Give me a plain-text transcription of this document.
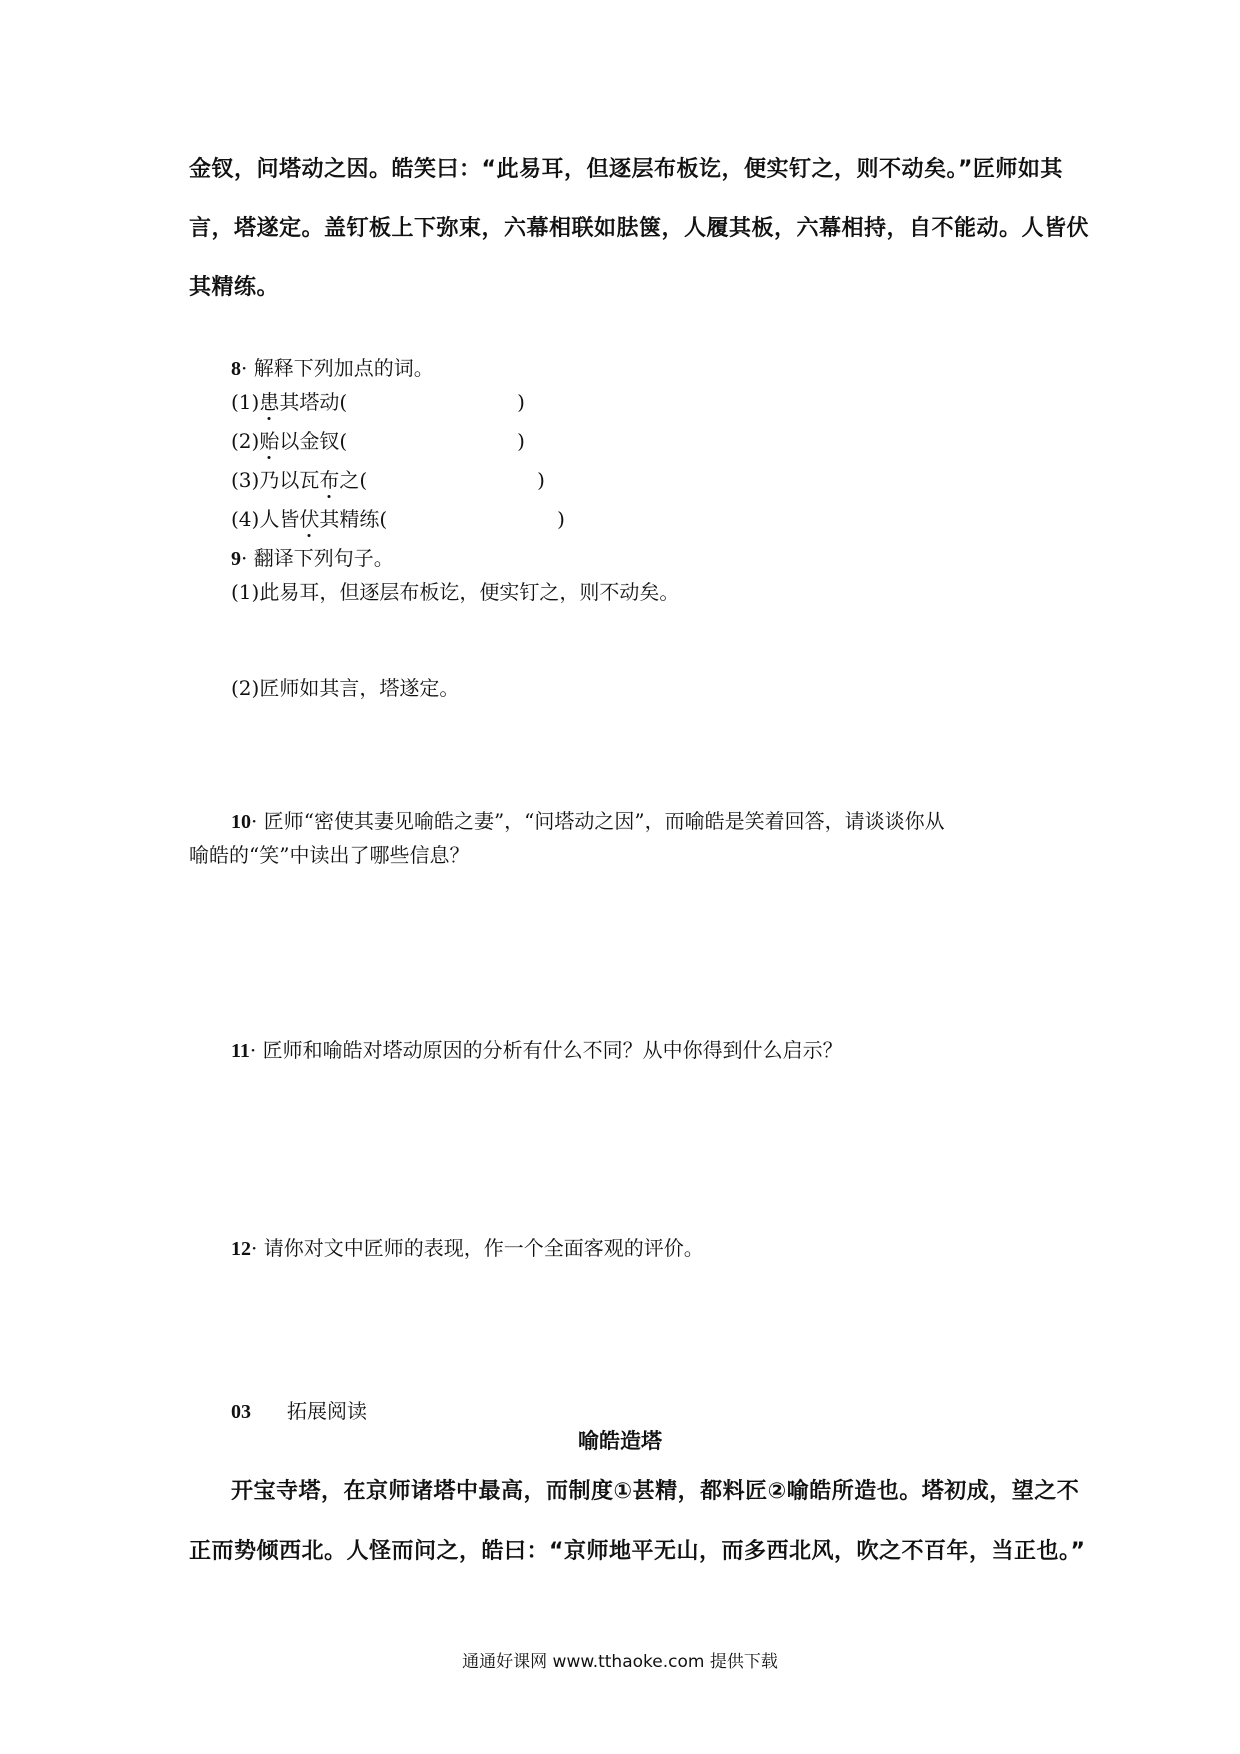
金钗，问塔动之因。皓笑曰：“此易耳，但逐层布板讫，便实钉之，则不动矣。”匠师如其
言，塔遂定。盖钉板上下弥束，六幕相联如胠箧，人履其板，六幕相持，自不能动。人皆伏
其精练。
8· 解释下列加点的词。
(1)患其塔动(	)
(2)贻以金钗(	)
(3)乃以瓦布之(	)
(4)人皆伏其精练(	)
9· 翻译下列句子。
(1)此易耳，但逐层布板讫，便实钉之，则不动矣。
(2)匠师如其言，塔遂定。
10· 匠师“密使其妻见喻皓之妻”，“问塔动之因”，而喻皓是笑着回答，请谈谈你从
喻皓的“笑”中读出了哪些信息？
11· 匠师和喻皓对塔动原因的分析有什么不同？从中你得到什么启示？
12· 请你对文中匠师的表现，作一个全面客观的评价。
03 拓展阅读
喻皓造塔
开宝寺塔，在京师诸塔中最高，而制度①甚精，都料匠②喻皓所造也。塔初成，望之不
正而势倾西北。人怪而问之，皓曰：“京师地平无山，而多西北风，吹之不百年，当正也。”
通通好课网 www.tthaoke.com 提供下载
